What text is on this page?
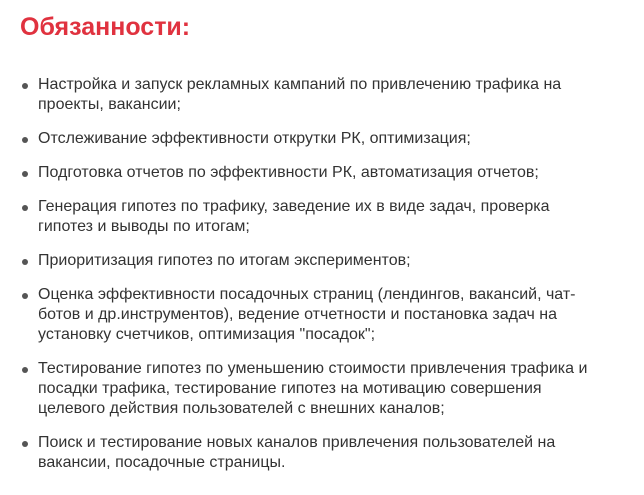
Обязанности:
Настройка и запуск рекламных кампаний по привлечению трафика на проекты, вакансии;
Отслеживание эффективности открутки РК, оптимизация;
Подготовка отчетов по эффективности РК, автоматизация отчетов;
Генерация гипотез по трафику, заведение их в виде задач, проверка гипотез и выводы по итогам;
Приоритизация гипотез по итогам экспериментов;
Оценка эффективности посадочных страниц (лендингов, вакансий, чат-ботов и др.инструментов), ведение отчетности и постановка задач на установку счетчиков, оптимизация "посадок";
Тестирование гипотез по уменьшению стоимости привлечения трафика и посадки трафика, тестирование гипотез на мотивацию совершения целевого действия пользователей с внешних каналов;
Поиск и тестирование новых каналов привлечения пользователей на вакансии, посадочные страницы.
